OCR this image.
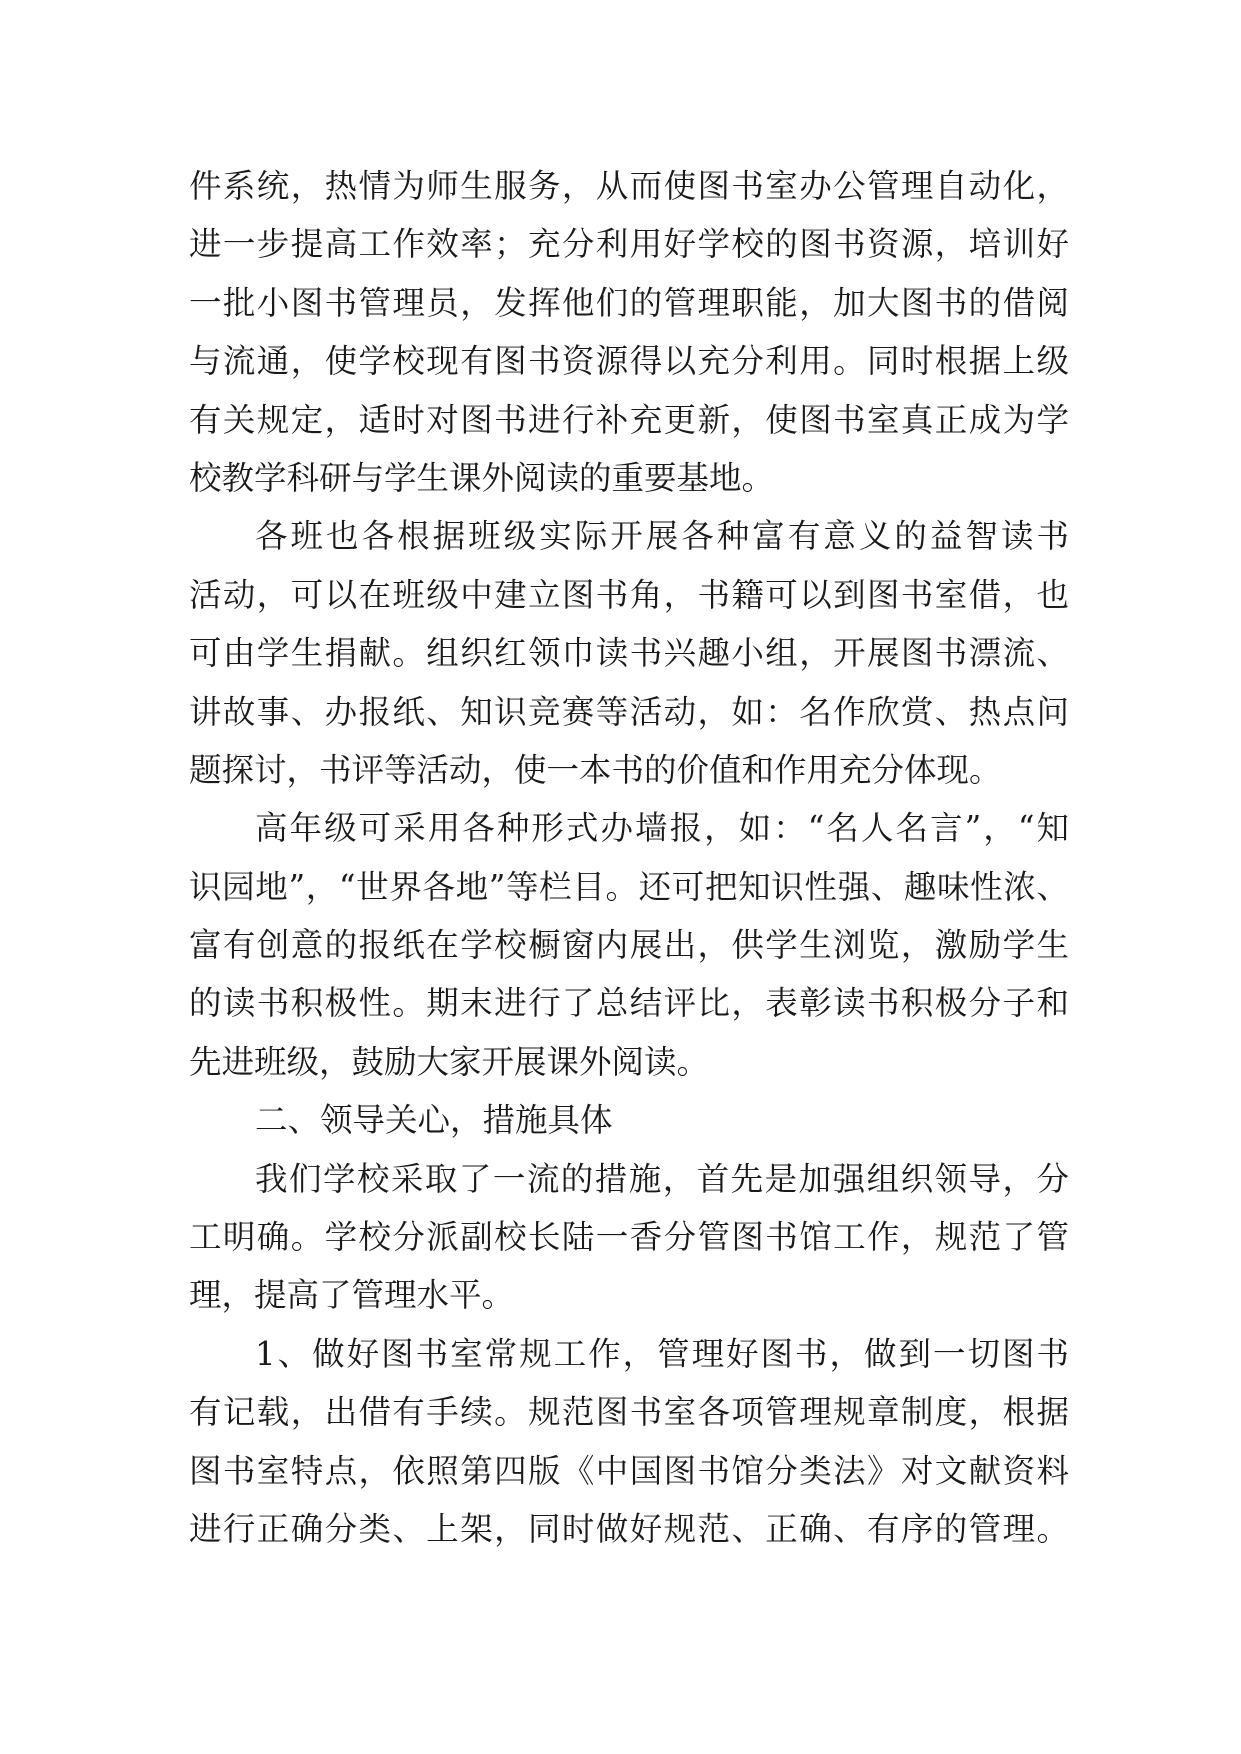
件系统，热情为师生服务，从而使图书室办公管理自动化，
进一步提高工作效率；充分利用好学校的图书资源，培训好
一批小图书管理员，发挥他们的管理职能，加大图书的借阅
与流通，使学校现有图书资源得以充分利用。同时根据上级
有关规定，适时对图书进行补充更新，使图书室真正成为学
校教学科研与学生课外阅读的重要基地。
各班也各根据班级实际开展各种富有意义的益智读书
活动，可以在班级中建立图书角，书籍可以到图书室借，也
可由学生捐献。组织红领巾读书兴趣小组，开展图书漂流、
讲故事、办报纸、知识竞赛等活动，如：名作欣赏、热点问
题探讨，书评等活动，使一本书的价值和作用充分体现。
高年级可采用各种形式办墙报，如：“名人名言”，“知
识园地”，“世界各地”等栏目。还可把知识性强、趣味性浓、
富有创意的报纸在学校橱窗内展出，供学生浏览，激励学生
的读书积极性。期末进行了总结评比，表彰读书积极分子和
先进班级，鼓励大家开展课外阅读。
二、领导关心，措施具体
我们学校采取了一流的措施，首先是加强组织领导，分
工明确。学校分派副校长陆一香分管图书馆工作，规范了管
理，提高了管理水平。
1、做好图书室常规工作，管理好图书，做到一切图书
有记载，出借有手续。规范图书室各项管理规章制度，根据
图书室特点，依照第四版《中国图书馆分类法》对文献资料
进行正确分类、上架，同时做好规范、正确、有序的管理。
